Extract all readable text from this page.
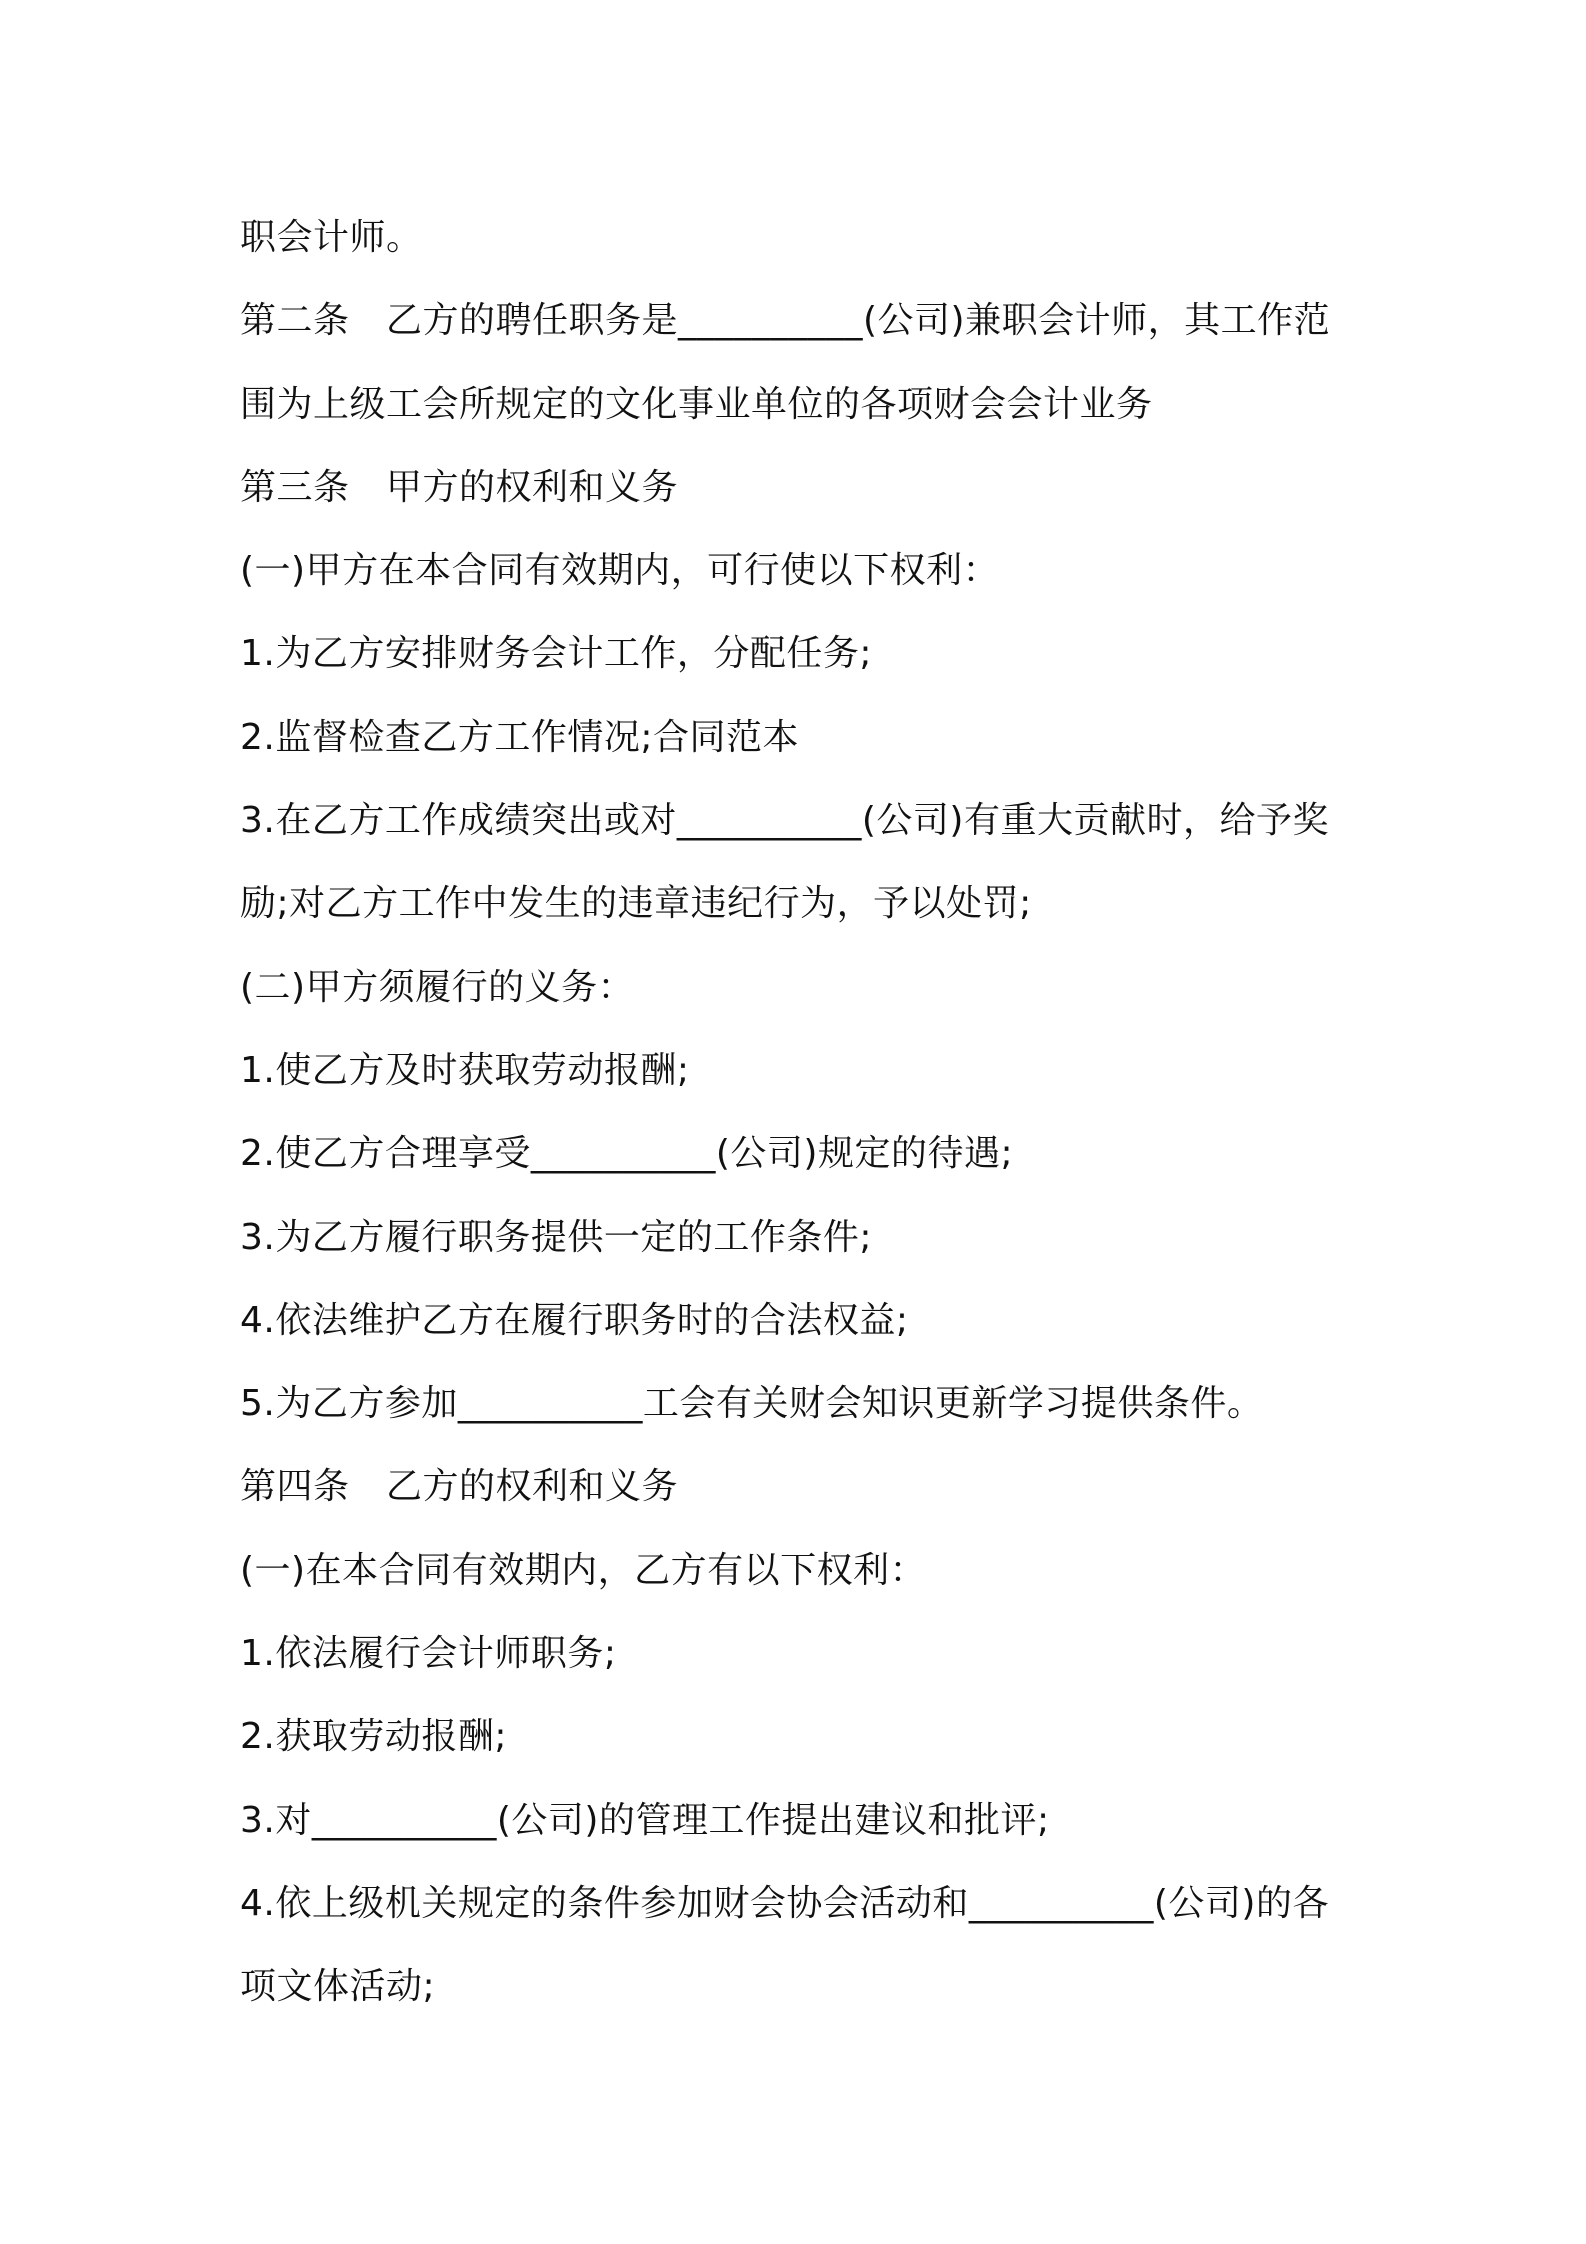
职会计师。
第二条　乙方的聘任职务是__________(公司)兼职会计师，其工作范
围为上级工会所规定的文化事业单位的各项财会会计业务
第三条　甲方的权利和义务
(一)甲方在本合同有效期内，可行使以下权利：
1.为乙方安排财务会计工作，分配任务;
2.监督检查乙方工作情况;合同范本
3.在乙方工作成绩突出或对__________(公司)有重大贡献时，给予奖
励;对乙方工作中发生的违章违纪行为，予以处罚;
(二)甲方须履行的义务：
1.使乙方及时获取劳动报酬;
2.使乙方合理享受__________(公司)规定的待遇;
3.为乙方履行职务提供一定的工作条件;
4.依法维护乙方在履行职务时的合法权益;
5.为乙方参加__________工会有关财会知识更新学习提供条件。
第四条　乙方的权利和义务
(一)在本合同有效期内，乙方有以下权利：
1.依法履行会计师职务;
2.获取劳动报酬;
3.对__________(公司)的管理工作提出建议和批评;
4.依上级机关规定的条件参加财会协会活动和__________(公司)的各
项文体活动;
